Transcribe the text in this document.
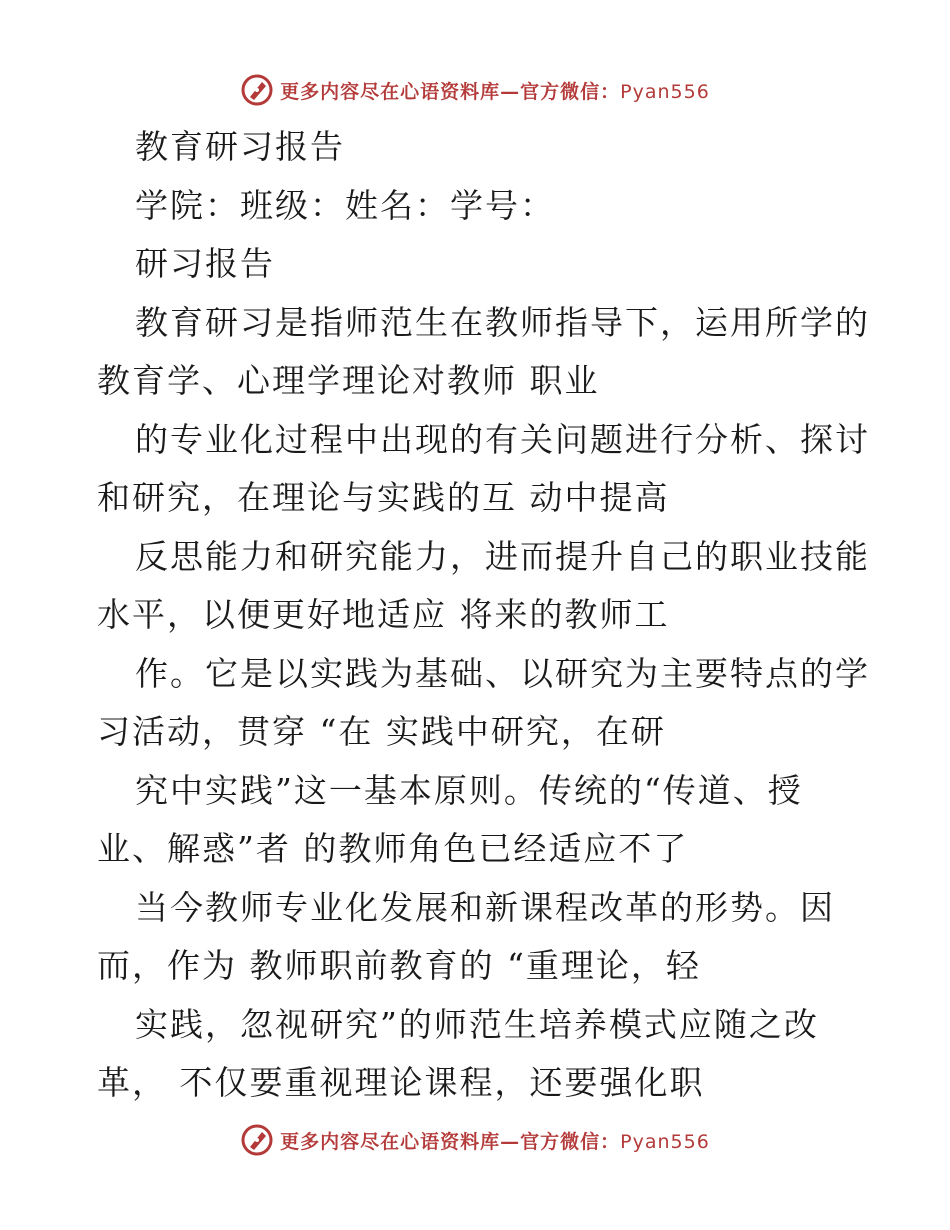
更多内容尽在心语资料库—官方微信：Pyan556
教育研习报告
学院：班级：姓名：学号：
研习报告
教育研习是指师范生在教师指导下，运用所学的
教育学、心理学理论对教师 职业
的专业化过程中出现的有关问题进行分析、探讨
和研究，在理论与实践的互 动中提高
反思能力和研究能力，进而提升自己的职业技能
水平，以便更好地适应 将来的教师工
作。它是以实践为基础、以研究为主要特点的学
习活动，贯穿 “在 实践中研究，在研
究中实践”这一基本原则。传统的“传道、授
业、解惑”者 的教师角色已经适应不了
当今教师专业化发展和新课程改革的形势。因
而，作为 教师职前教育的 “重理论，轻
实践，忽视研究”的师范生培养模式应随之改
革， 不仅要重视理论课程，还要强化职
更多内容尽在心语资料库—官方微信：Pyan556
